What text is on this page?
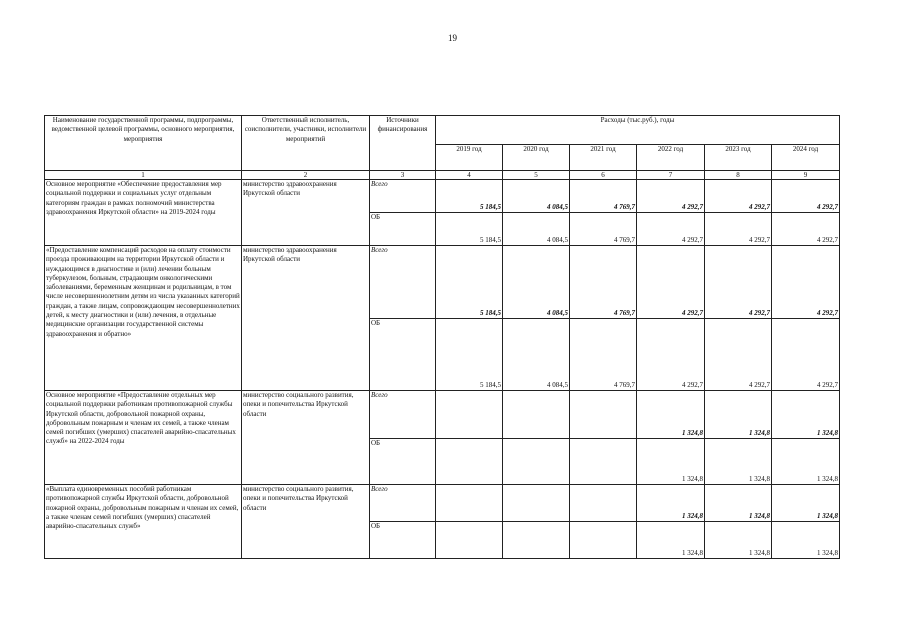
19
Наименование государственной программы, подпрограммы, ведомственной целевой программы, основного мероприятия, мероприятия	Ответственный исполнитель, соисполнители, участники, исполнители мероприятий	Источники финансирования	Расходы (тыс.руб.), годы					
			2019 год	2020 год	2021 год	2022 год	2023 год	2024 год
1	2	3	4	5	6	7	8	9
Основное мероприятие «Обеспечение предоставления мер социальной поддержки и социальных услуг отдельным категориям граждан в рамках полномочий министерства здравоохранения Иркутской области» на 2019-2024 годы	министерство здравоохранения Иркутской области	Всего	5 184,5	4 084,5	4 769,7	4 292,7	4 292,7	4 292,7
		ОБ	5 184,5	4 084,5	4 769,7	4 292,7	4 292,7	4 292,7
«Предоставление компенсаций расходов на оплату стоимости проезда проживающим на территории Иркутской области и нуждающимся в диагностике и (или) лечении больным туберкулезом, больным, страдающим онкологическими заболеваниями, беременным женщинам и родильницам, в том числе несовершеннолетним детям из числа указанных категорий граждан, а также лицам, сопровождающим несовершеннолетних детей, к месту диагностики и (или) лечения, в отдельные медицинские организации государственной системы здравоохранения и обратно»	министерство здравоохранения Иркутской области	Всего	5 184,5	4 084,5	4 769,7	4 292,7	4 292,7	4 292,7
		ОБ	5 184,5	4 084,5	4 769,7	4 292,7	4 292,7	4 292,7
Основное мероприятие «Предоставление отдельных мер социальной поддержки работникам противопожарной службы Иркутской области, добровольной пожарной охраны, добровольным пожарным и членам их семей, а также членам семей погибших (умерших) спасателей аварийно-спасательных служб» на 2022-2024 годы	министерство социального развития, опеки и попечительства Иркутской области	Всего				1 324,8	1 324,8	1 324,8
		ОБ				1 324,8	1 324,8	1 324,8
«Выплата единовременных пособий работникам противопожарной службы Иркутской области, добровольной пожарной охраны, добровольным пожарным и членам их семей, а также членам семей погибших (умерших) спасателей аварийно-спасательных служб»	министерство социального развития, опеки и попечительства Иркутской области	Всего				1 324,8	1 324,8	1 324,8
		ОБ				1 324,8	1 324,8	1 324,8
